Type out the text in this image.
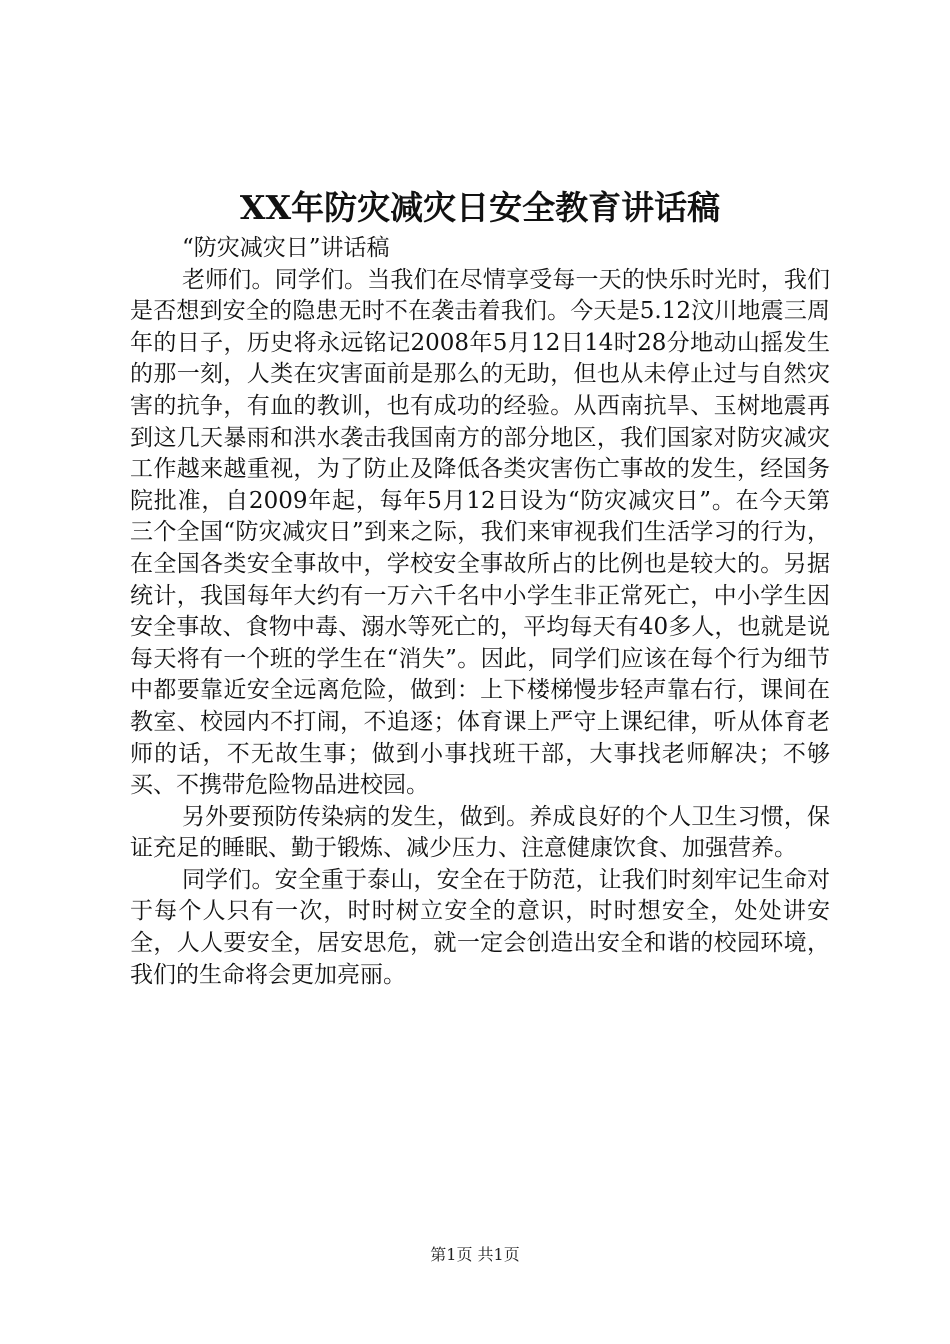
XX年防灾减灾日安全教育讲话稿

“防灾减灾日”讲话稿

老师们。同学们。当我们在尽情享受每一天的快乐时光时，我们是否想到安全的隐患无时不在袭击着我们。今天是5.12汶川地震三周年的日子，历史将永远铭记2008年5月12日14时28分地动山摇发生的那一刻，人类在灾害面前是那么的无助，但也从未停止过与自然灾害的抗争，有血的教训，也有成功的经验。从西南抗旱、玉树地震再到这几天暴雨和洪水袭击我国南方的部分地区，我们国家对防灾减灾工作越来越重视，为了防止及降低各类灾害伤亡事故的发生，经国务院批准，自2009年起，每年5月12日设为“防灾减灾日”。在今天第三个全国“防灾减灾日”到来之际，我们来审视我们生活学习的行为，在全国各类安全事故中，学校安全事故所占的比例也是较大的。另据统计，我国每年大约有一万六千名中小学生非正常死亡，中小学生因安全事故、食物中毒、溺水等死亡的，平均每天有40多人，也就是说每天将有一个班的学生在“消失”。因此，同学们应该在每个行为细节中都要靠近安全远离危险，做到：上下楼梯慢步轻声靠右行，课间在教室、校园内不打闹，不追逐；体育课上严守上课纪律，听从体育老师的话，不无故生事；做到小事找班干部，大事找老师解决；不够买、不携带危险物品进校园。

另外要预防传染病的发生，做到。养成良好的个人卫生习惯，保证充足的睡眠、勤于锻炼、减少压力、注意健康饮食、加强营养。

同学们。安全重于泰山，安全在于防范，让我们时刻牢记生命对于每个人只有一次，时时树立安全的意识，时时想安全，处处讲安全，人人要安全，居安思危，就一定会创造出安全和谐的校园环境，我们的生命将会更加亮丽。

第1页 共1页
